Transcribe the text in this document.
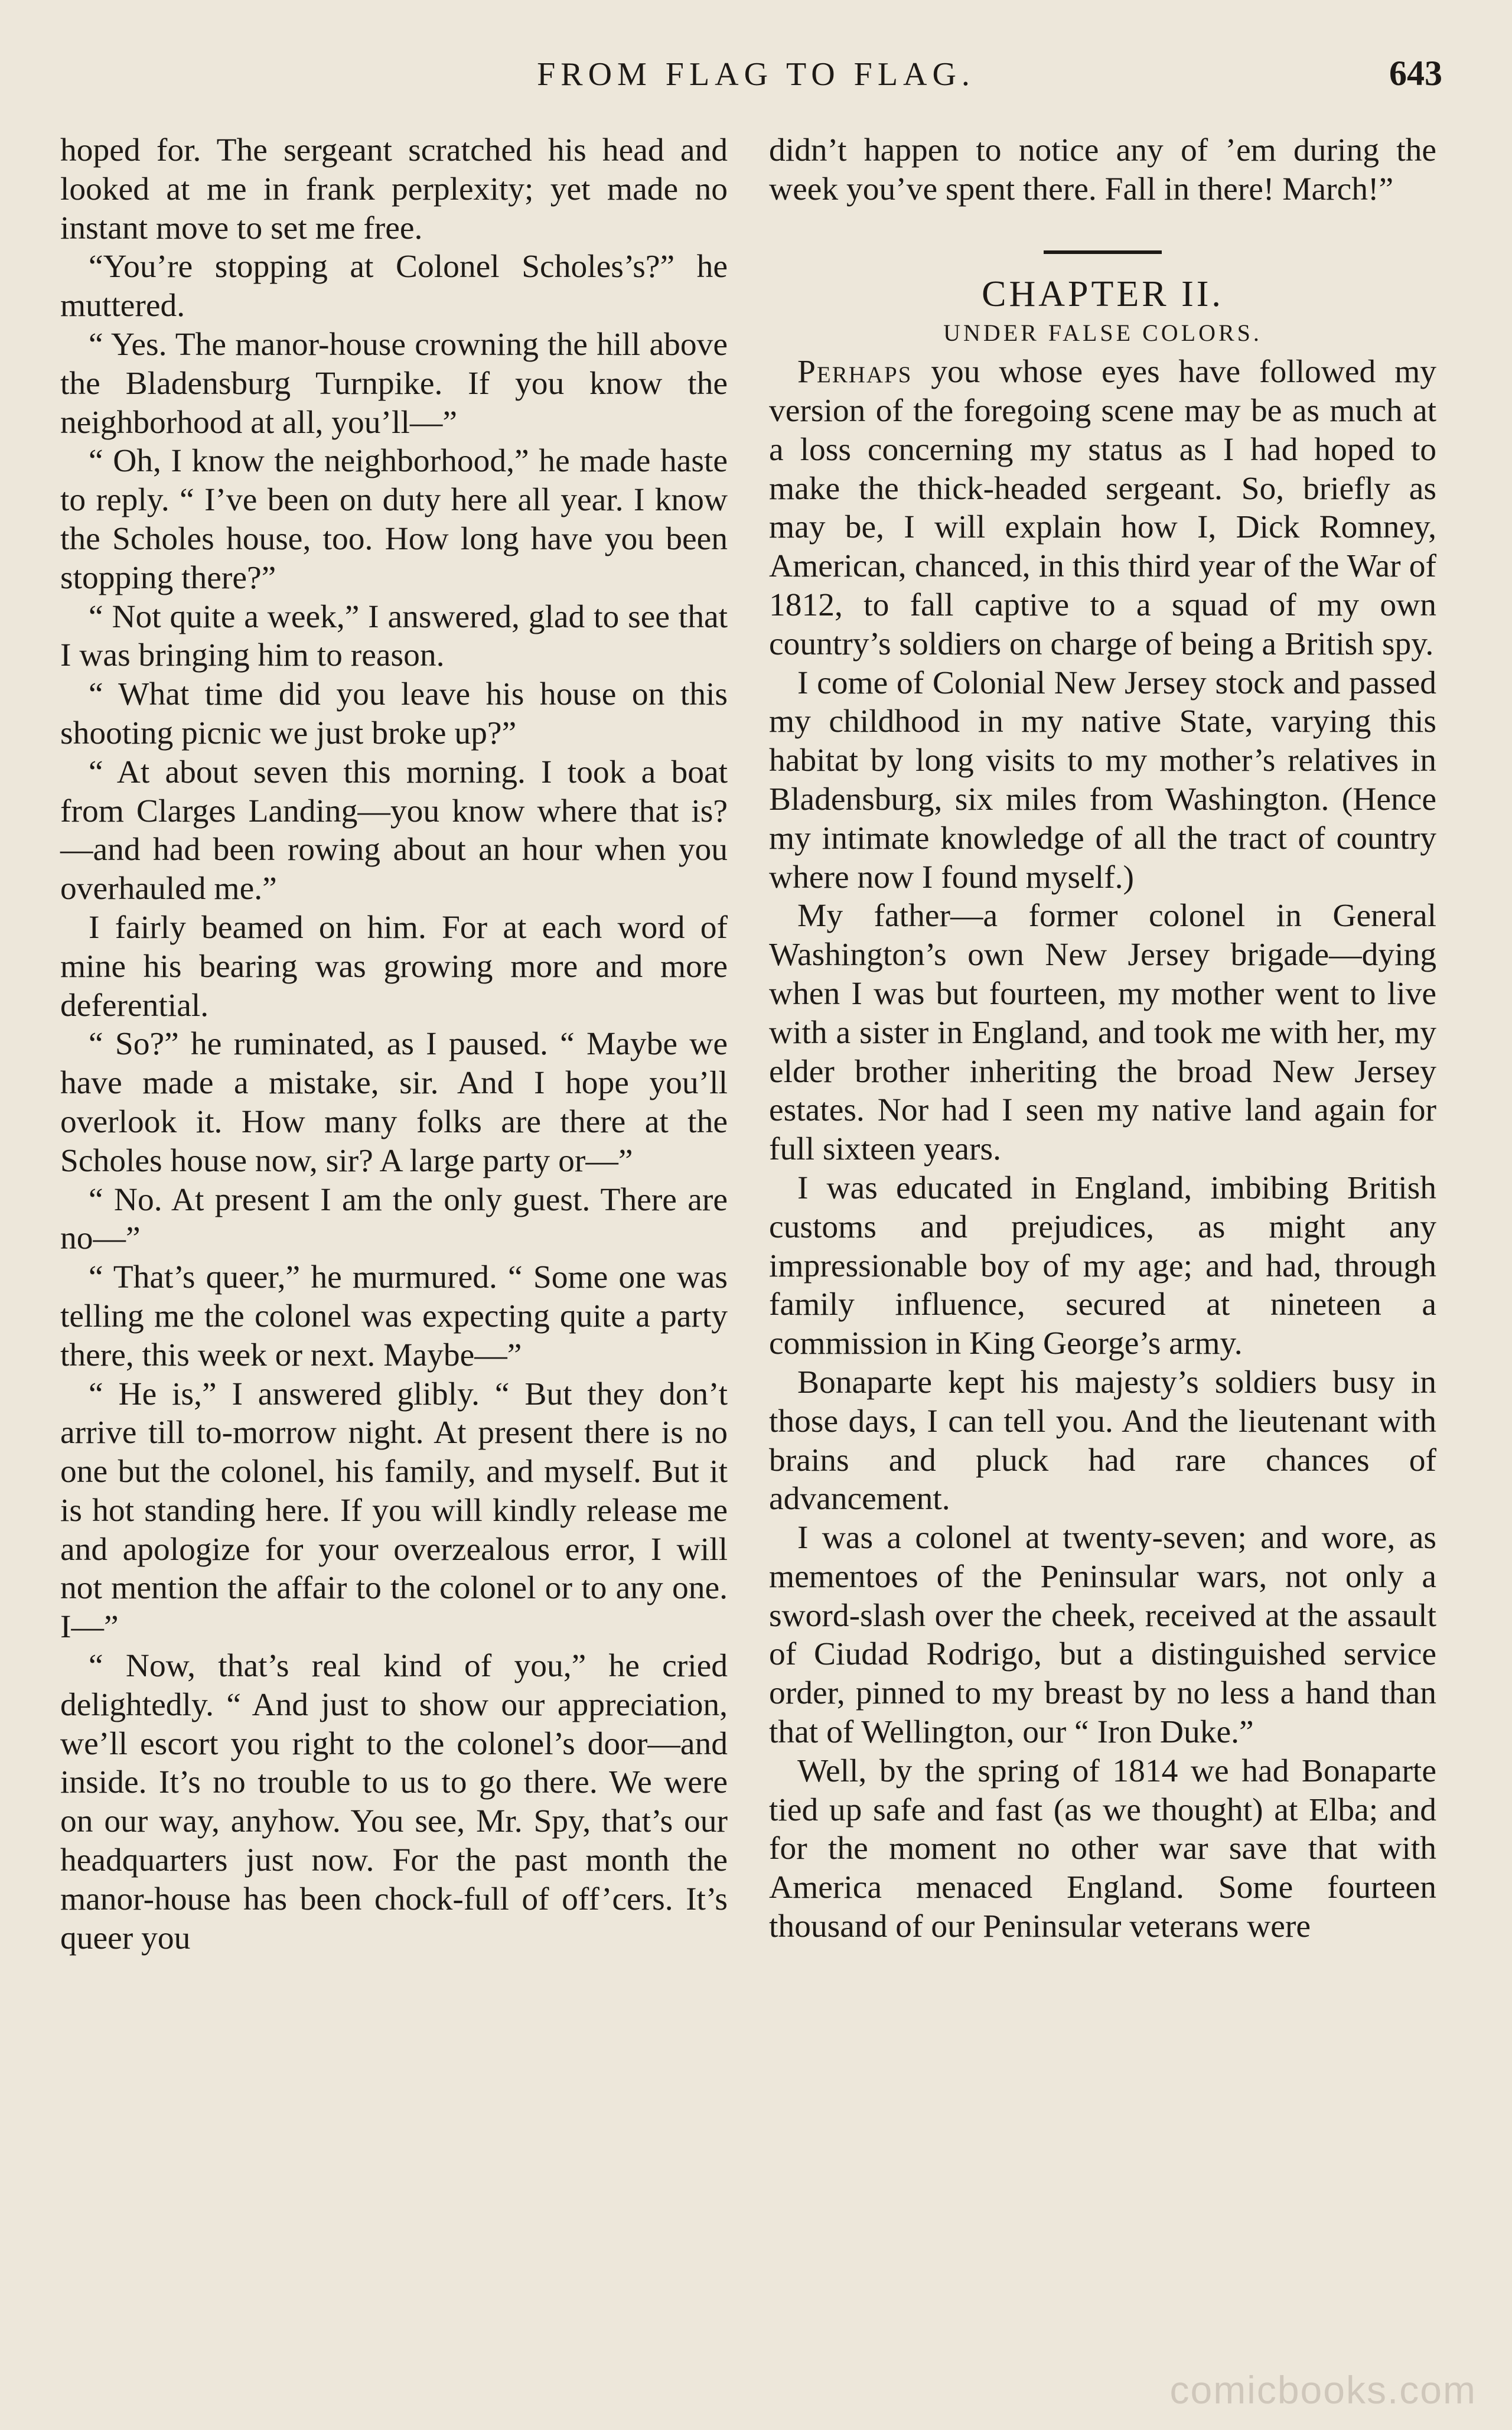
FROM FLAG TO FLAG.	643

hoped for. The sergeant scratched his head and looked at me in frank perplexity; yet made no instant move to set me free.

“You’re stopping at Colonel Scholes’s?” he muttered.

“ Yes. The manor-house crowning the hill above the Bladensburg Turnpike. If you know the neighborhood at all, you’ll—”

“ Oh, I know the neighborhood,” he made haste to reply. “ I’ve been on duty here all year. I know the Scholes house, too. How long have you been stopping there?”

“ Not quite a week,” I answered, glad to see that I was bringing him to reason.

“ What time did you leave his house on this shooting picnic we just broke up?”

“ At about seven this morning. I took a boat from Clarges Landing—you know where that is?—and had been rowing about an hour when you overhauled me.”

I fairly beamed on him. For at each word of mine his bearing was growing more and more deferential.

“ So?” he ruminated, as I paused. “ Maybe we have made a mistake, sir. And I hope you’ll overlook it. How many folks are there at the Scholes house now, sir? A large party or—”

“ No. At present I am the only guest. There are no—”

“ That’s queer,” he murmured. “ Some one was telling me the colonel was expecting quite a party there, this week or next. Maybe—”

“ He is,” I answered glibly. “ But they don’t arrive till to-morrow night. At present there is no one but the colonel, his family, and myself. But it is hot standing here. If you will kindly release me and apologize for your overzealous error, I will not mention the affair to the colonel or to any one. I—”

“ Now, that’s real kind of you,” he cried delightedly. “ And just to show our appreciation, we’ll escort you right to the colonel’s door—and inside. It’s no trouble to us to go there. We were on our way, anyhow. You see, Mr. Spy, that’s our headquarters just now. For the past month the manor-house has been chock-full of off’cers. It’s queer you

didn’t happen to notice any of ’em during the week you’ve spent there. Fall in there! March!”

CHAPTER II.

UNDER FALSE COLORS.

Perhaps you whose eyes have followed my version of the foregoing scene may be as much at a loss concerning my status as I had hoped to make the thick-headed sergeant. So, briefly as may be, I will explain how I, Dick Romney, American, chanced, in this third year of the War of 1812, to fall captive to a squad of my own country’s soldiers on charge of being a British spy.

I come of Colonial New Jersey stock and passed my childhood in my native State, varying this habitat by long visits to my mother’s relatives in Bladensburg, six miles from Washington. (Hence my intimate knowledge of all the tract of country where now I found myself.)

My father—a former colonel in General Washington’s own New Jersey brigade—dying when I was but fourteen, my mother went to live with a sister in England, and took me with her, my elder brother inheriting the broad New Jersey estates. Nor had I seen my native land again for full sixteen years.

I was educated in England, imbibing British customs and prejudices, as might any impressionable boy of my age; and had, through family influence, secured at nineteen a commission in King George’s army.

Bonaparte kept his majesty’s soldiers busy in those days, I can tell you. And the lieutenant with brains and pluck had rare chances of advancement.

I was a colonel at twenty-seven; and wore, as mementoes of the Peninsular wars, not only a sword-slash over the cheek, received at the assault of Ciudad Rodrigo, but a distinguished service order, pinned to my breast by no less a hand than that of Wellington, our “ Iron Duke.”

Well, by the spring of 1814 we had Bonaparte tied up safe and fast (as we thought) at Elba; and for the moment no other war save that with America menaced England. Some fourteen thousand of our Peninsular veterans were

comicbooks.com
